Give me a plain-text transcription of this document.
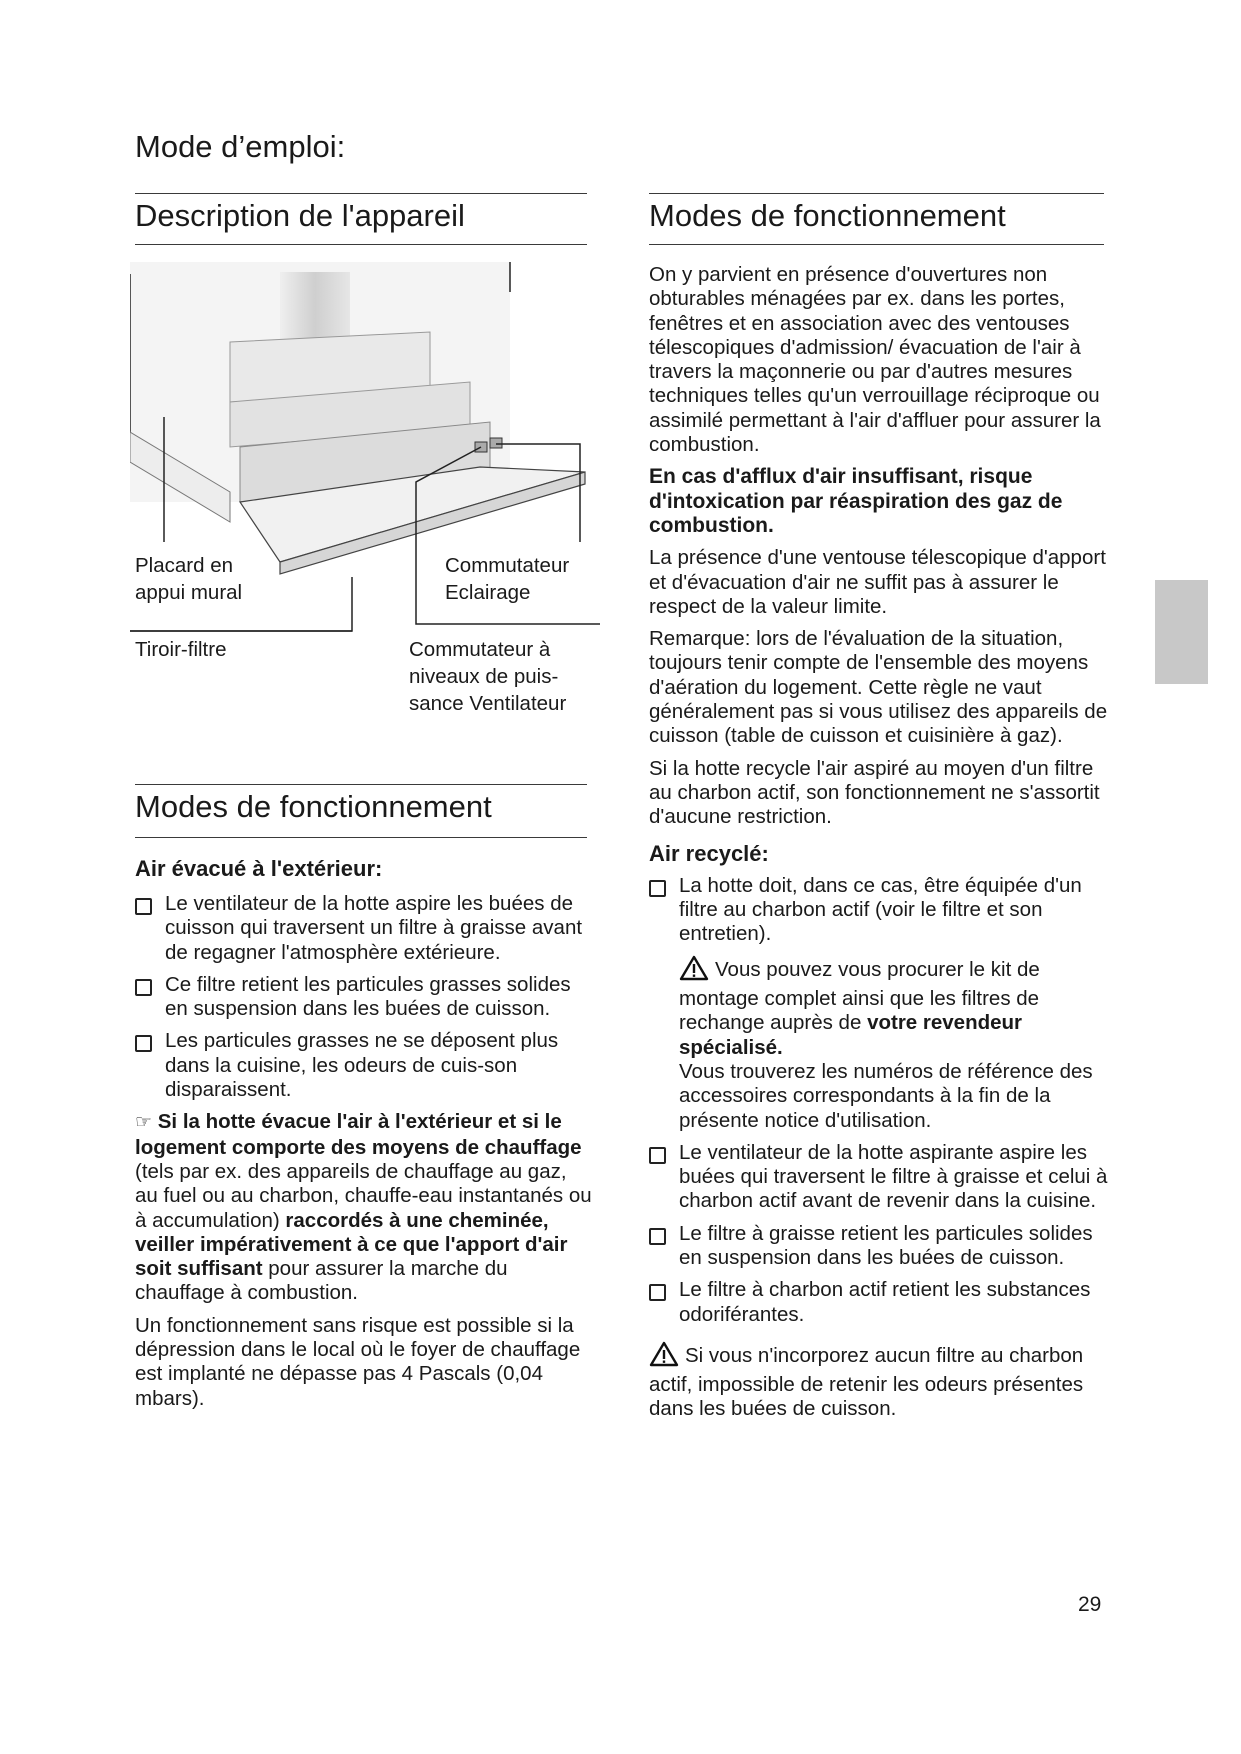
Mode d’emploi:
Description de l'appareil
Placard en
appui mural
Commutateur
Eclairage
Tiroir-filtre	Commutateur à
niveaux de puis-
sance Ventilateur
Modes de fonctionnement
Air évacué à l'extérieur:
Le ventilateur de la hotte aspire les buées de cuisson qui traversent un filtre à graisse avant de regagner l'atmosphère extérieure.
Ce filtre retient les particules grasses solides en suspension dans les buées de cuisson.
Les particules grasses ne se déposent plus dans la cuisine, les odeurs de cuis-son disparaissent.
☞ Si la hotte évacue l'air à l'extérieur et si le logement comporte des moyens de chauffage (tels par ex. des appareils de chauffage au gaz, au fuel ou au charbon, chauffe-eau instantanés ou à accumulation) raccordés à une cheminée, veiller impérativement à ce que l'apport d'air soit suffisant pour assurer la marche du chauffage à combustion.
Un fonctionnement sans risque est possible si la dépression dans le local où le foyer de chauffage est implanté ne dépasse pas 4 Pascals (0,04 mbars).
Modes de fonctionnement

On y parvient en présence d'ouvertures non obturables ménagées par ex. dans les portes, fenêtres et en association avec des ventouses télescopiques d'admission/ évacuation de l'air à travers la maçonnerie ou par d'autres mesures techniques telles qu'un verrouillage réciproque ou assimilé permettant à l'air d'affluer pour assurer la combustion.

En cas d'afflux d'air insuffisant, risque d'intoxication par réaspiration des gaz de combustion.

La présence d'une ventouse télescopique d'apport et d'évacuation d'air ne suffit pas à assurer le respect de la valeur limite.

Remarque: lors de l'évaluation de la situation, toujours tenir compte de l'ensemble des moyens d'aération du logement. Cette règle ne vaut généralement pas si vous utilisez des appareils de cuisson (table de cuisson et cuisinière à gaz).

Si la hotte recycle l'air aspiré au moyen d'un filtre au charbon actif, son fonctionnement ne s'assortit d'aucune restriction.

Air recyclé:
La hotte doit, dans ce cas, être équipée d'un filtre au charbon actif (voir le filtre et son entretien).
Vous pouvez vous procurer le kit de montage complet ainsi que les filtres de rechange auprès de votre revendeur spécialisé.
Vous trouverez les numéros de référence des accessoires correspondants à la fin de la présente notice d'utilisation.
Le ventilateur de la hotte aspirante aspire les buées qui traversent le filtre à graisse et celui à charbon actif avant de revenir dans la cuisine.
Le filtre à graisse retient les particules solides en suspension dans les buées de cuisson.
Le filtre à charbon actif retient les substances odoriférantes.
Si vous n'incorporez aucun filtre au charbon actif, impossible de retenir les odeurs présentes dans les buées de cuisson.
29
